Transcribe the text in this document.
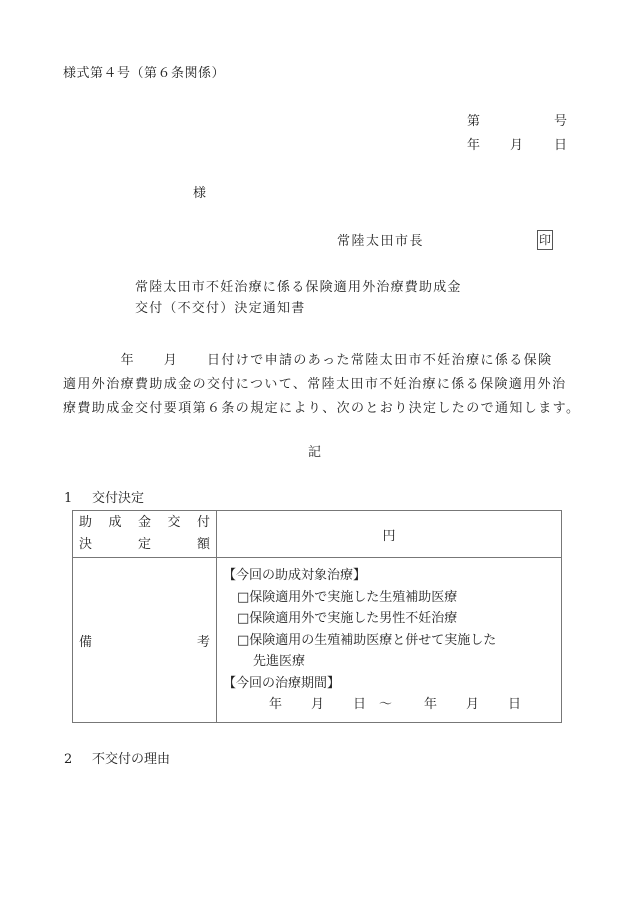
様式第４号（第６条関係）
第	号
年 月 日
様
常陸太田市長	印
常陸太田市不妊治療に係る保険適用外治療費助成金
交付（不交付）決定通知書
　　　　年　　月　　日付けで申請のあった常陸太田市不妊治療に係る保険
適用外治療費助成金の交付について、常陸太田市不妊治療に係る保険適用外治
療費助成金交付要項第６条の規定により、次のとおり決定したので通知します。
記
1 交付決定
助 成 金 交 付
決	定	額
	円

備	考

【今回の助成対象治療】
□保険適用外で実施した生殖補助医療
□保険適用外で実施した男性不妊治療
□保険適用の生殖補助医療と併せて実施した
先進医療
【今回の治療期間】
年	月	日 ～	年	月	日
2 不交付の理由
